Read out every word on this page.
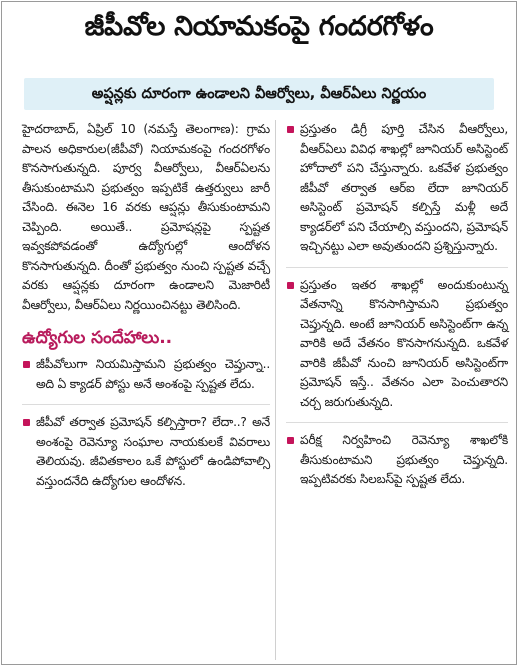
జీపీవోల నియామకంపై గందరగోళం
అప్షన్లకు దూరంగా ఉండాలని వీఆర్వోలు, వీఆర్ఏలు నిర్ణయం

హైదరాబాద్, ఏప్రిల్ 10 (నమస్తే తెలంగాణ): గ్రామ పాలన అధికారుల(జీపీవో) నియామకంపై గందరగోళం కొనసాగుతున్నది. పూర్వ వీఆర్వోలు, వీఆర్ఏలను తీసుకుంటామని ప్రభుత్వం ఇప్పటికే ఉత్తర్వులు జారీ చేసింది. ఈనెల 16 వరకు ఆప్షన్లు తీసుకుంటామని చెప్పింది. అయితే.. ప్రమోషన్లపై స్పష్టత ఇవ్వకపోవడంతో ఉద్యోగుల్లో ఆందోళన కొనసాగుతున్నది. దీంతో ప్రభుత్వం నుంచి స్పష్టత వచ్చే వరకు ఆప్షన్లకు దూరంగా ఉండాలని మెజారిటీ వీఆర్వోలు, వీఆర్ఏలు నిర్ణయించినట్టు తెలిసింది.

ఉద్యోగుల సందేహాలు..

జీపీవోలుగా నియమిస్తామని ప్రభుత్వం చెప్తున్నా.. అది ఏ క్యాడర్ పోస్టు అనే అంశంపై స్పష్టత లేదు.

జీపీవో తర్వాత ప్రమోషన్ కల్పిస్తారా? లేదా..? అనే అంశంపై రెవెన్యూ సంఘాల నాయకులకే వివరాలు తెలియవు. జీవితకాలం ఒకే పోస్టులో ఉండిపోవాల్సి వస్తుందనేది ఉద్యోగుల ఆందోళన.

ప్రస్తుతం డిగ్రీ పూర్తి చేసిన వీఆర్వోలు, వీఆర్ఏలు వివిధ శాఖల్లో జూనియర్ అసిస్టెంట్ హోదాలో పని చేస్తున్నారు. ఒకవేళ ప్రభుత్వం జీపీవో తర్వాత ఆర్ఐ లేదా జూనియర్ అసిస్టెంట్ ప్రమోషన్ కల్పిస్తే మళ్లీ అదే క్యాడర్‌లో పని చేయాల్సి వస్తుందని, ప్రమోషన్ ఇచ్చినట్టు ఎలా అవుతుందని ప్రశ్నిస్తున్నారు.

ప్రస్తుతం ఇతర శాఖల్లో అందుకుంటున్న వేతనాన్ని కొనసాగిస్తామని ప్రభుత్వం చెప్తున్నది. అంటే జూనియర్ అసిస్టెంట్‌గా ఉన్న వారికి అదే వేతనం కొనసాగనున్నది. ఒకవేళ వారికి జీపీవో నుంచి జూనియర్ అసిస్టెంట్‌గా ప్రమోషన్ ఇస్తే.. వేతనం ఎలా పెంచుతారని చర్చ జరుగుతున్నది.

పరీక్ష నిర్వహించి రెవెన్యూ శాఖలోకి తీసుకుంటామని ప్రభుత్వం చెప్తున్నది. ఇప్పటివరకు సిలబస్‌పై స్పష్టత లేదు.
